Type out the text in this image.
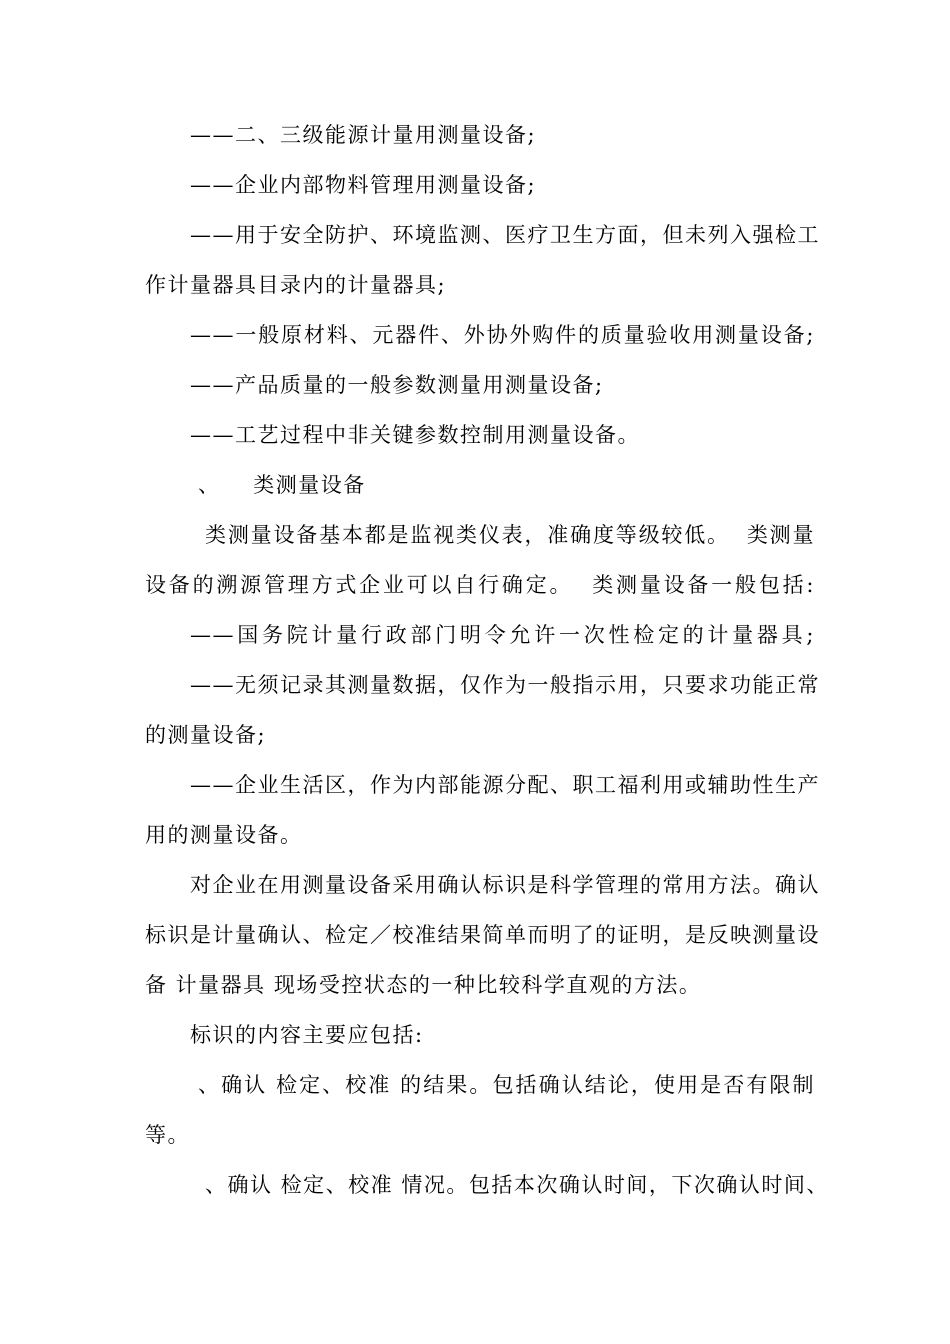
——二、三级能源计量用测量设备;
——企业内部物料管理用测量设备;
——用于安全防护、环境监测、医疗卫生方面，但未列入强检工
作计量器具目录内的计量器具;
——一般原材料、元器件、外协外购件的质量验收用测量设备;
——产品质量的一般参数测量用测量设备;
——工艺过程中非关键参数控制用测量设备。
、    类测量设备
类测量设备基本都是监视类仪表，准确度等级较低。  类测量
设备的溯源管理方式企业可以自行确定。  类测量设备一般包括:
——国务院计量行政部门明令允许一次性检定的计量器具;
——无须记录其测量数据，仅作为一般指示用，只要求功能正常
的测量设备;
——企业生活区，作为内部能源分配、职工福利用或辅助性生产
用的测量设备。
对企业在用测量设备采用确认标识是科学管理的常用方法。确认
标识是计量确认、检定／校准结果简单而明了的证明，是反映测量设
备 计量器具 现场受控状态的一种比较科学直观的方法。
标识的内容主要应包括:
、确认 检定、校准 的结果。包括确认结论，使用是否有限制
等。
、确认 检定、校准 情况。包括本次确认时间，下次确认时间、
